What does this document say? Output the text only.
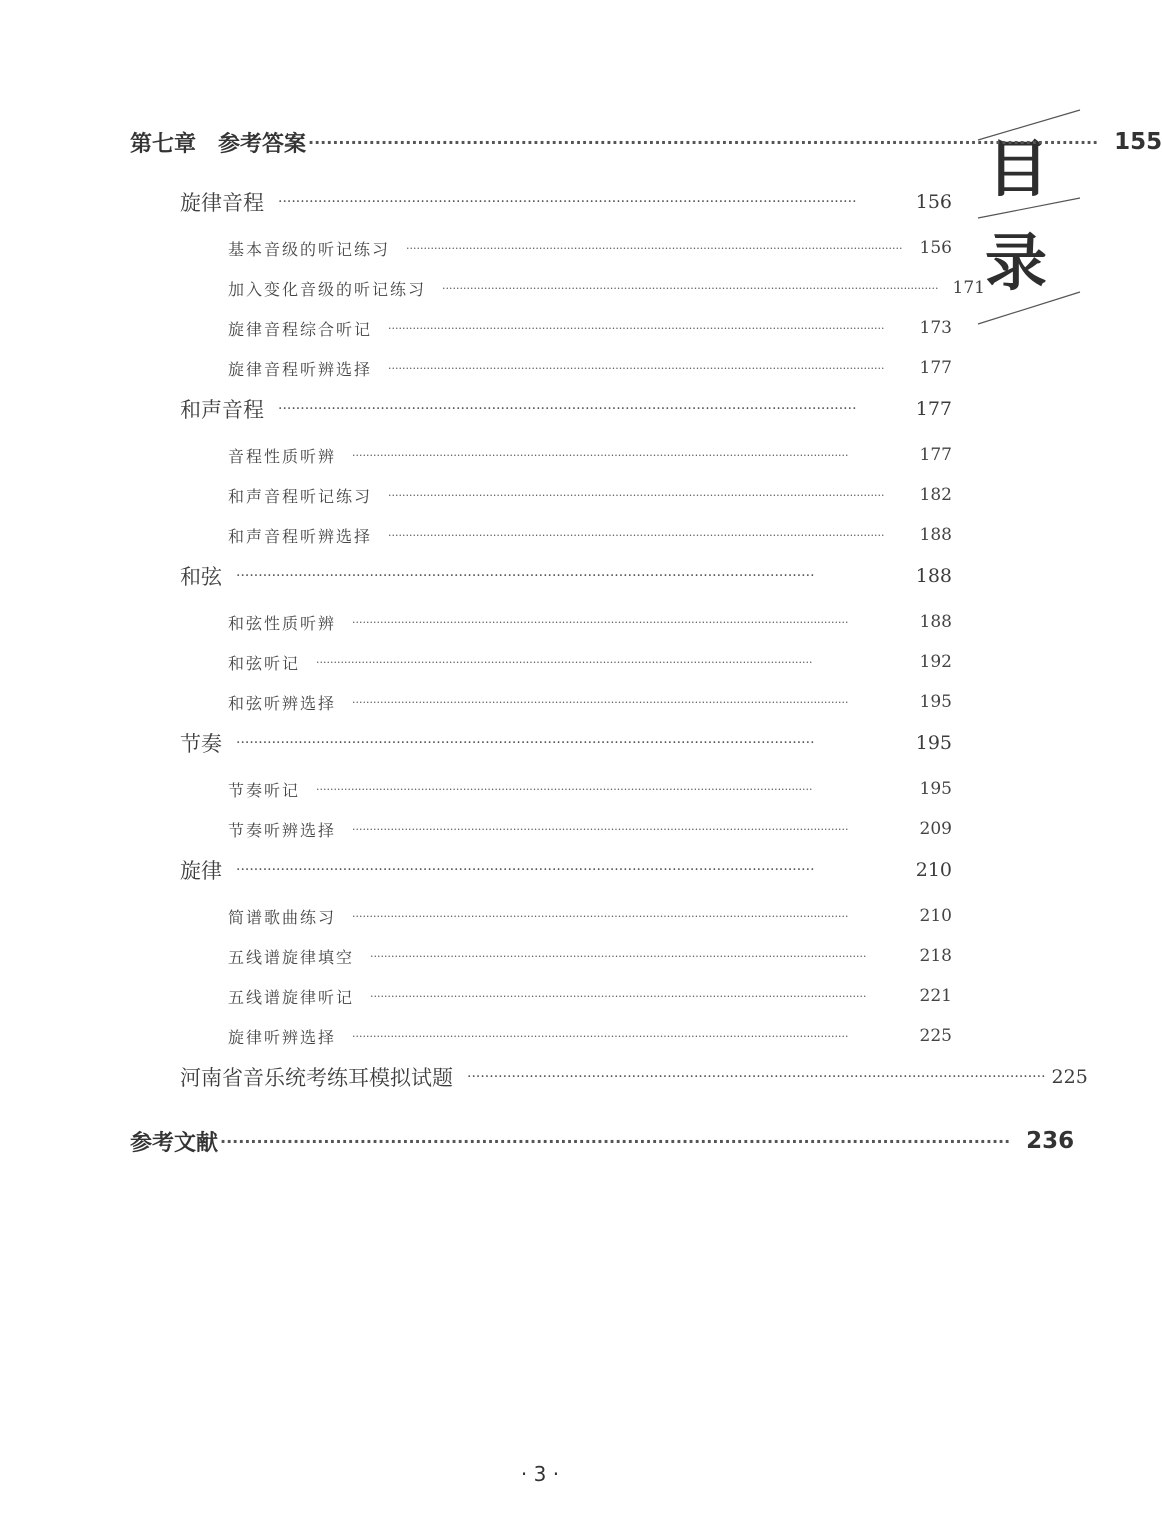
目
录
第七章　参考答案 ·································································································································· 155
旋律音程 ··································································································································	156
基本音级的听记练习 ·············································································································································· 156
加入变化音级的听记练习 ·············································································································································· 171
旋律音程综合听记 ··············································································································································	173
旋律音程听辨选择 ··············································································································································	177
和声音程 ··································································································································	177
音程性质听辨 ··············································································································································	177
和声音程听记练习 ··············································································································································	182
和声音程听辨选择 ··············································································································································	188
和弦 ··································································································································	188
和弦性质听辨 ··············································································································································	188
和弦听记 ··············································································································································	192
和弦听辨选择 ··············································································································································	195
节奏 ··································································································································	195
节奏听记 ··············································································································································	195
节奏听辨选择 ··············································································································································	209
旋律 ··································································································································	210
简谱歌曲练习 ··············································································································································	210
五线谱旋律填空 ··············································································································································	218
五线谱旋律听记 ··············································································································································	221
旋律听辨选择 ··············································································································································	225
河南省音乐统考练耳模拟试题 ·································································································································· 225
参考文献 ·································································································································· 236
· 3 ·
